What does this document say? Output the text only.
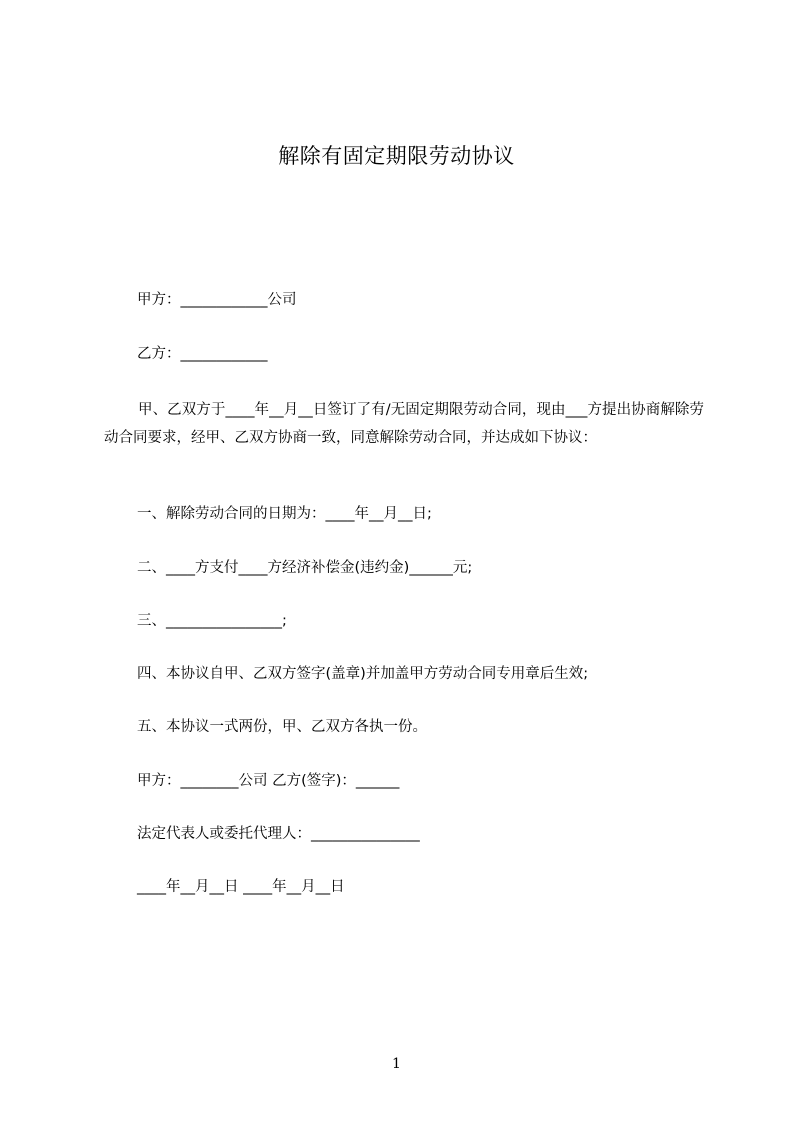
解除有固定期限劳动协议
甲方：____________公司
乙方：____________
甲、乙双方于____年__月__日签订了有/无固定期限劳动合同，现由___方提出协商解除劳动合同要求，经甲、乙双方协商一致，同意解除劳动合同，并达成如下协议：
一、解除劳动合同的日期为：____年__月__日;
二、____方支付____方经济补偿金(违约金)______元;
三、________________;
四、本协议自甲、乙双方签字(盖章)并加盖甲方劳动合同专用章后生效;
五、本协议一式两份，甲、乙双方各执一份。
甲方：________公司 乙方(签字)：______
法定代表人或委托代理人：_______________
____年__月__日 ____年__月__日
1
